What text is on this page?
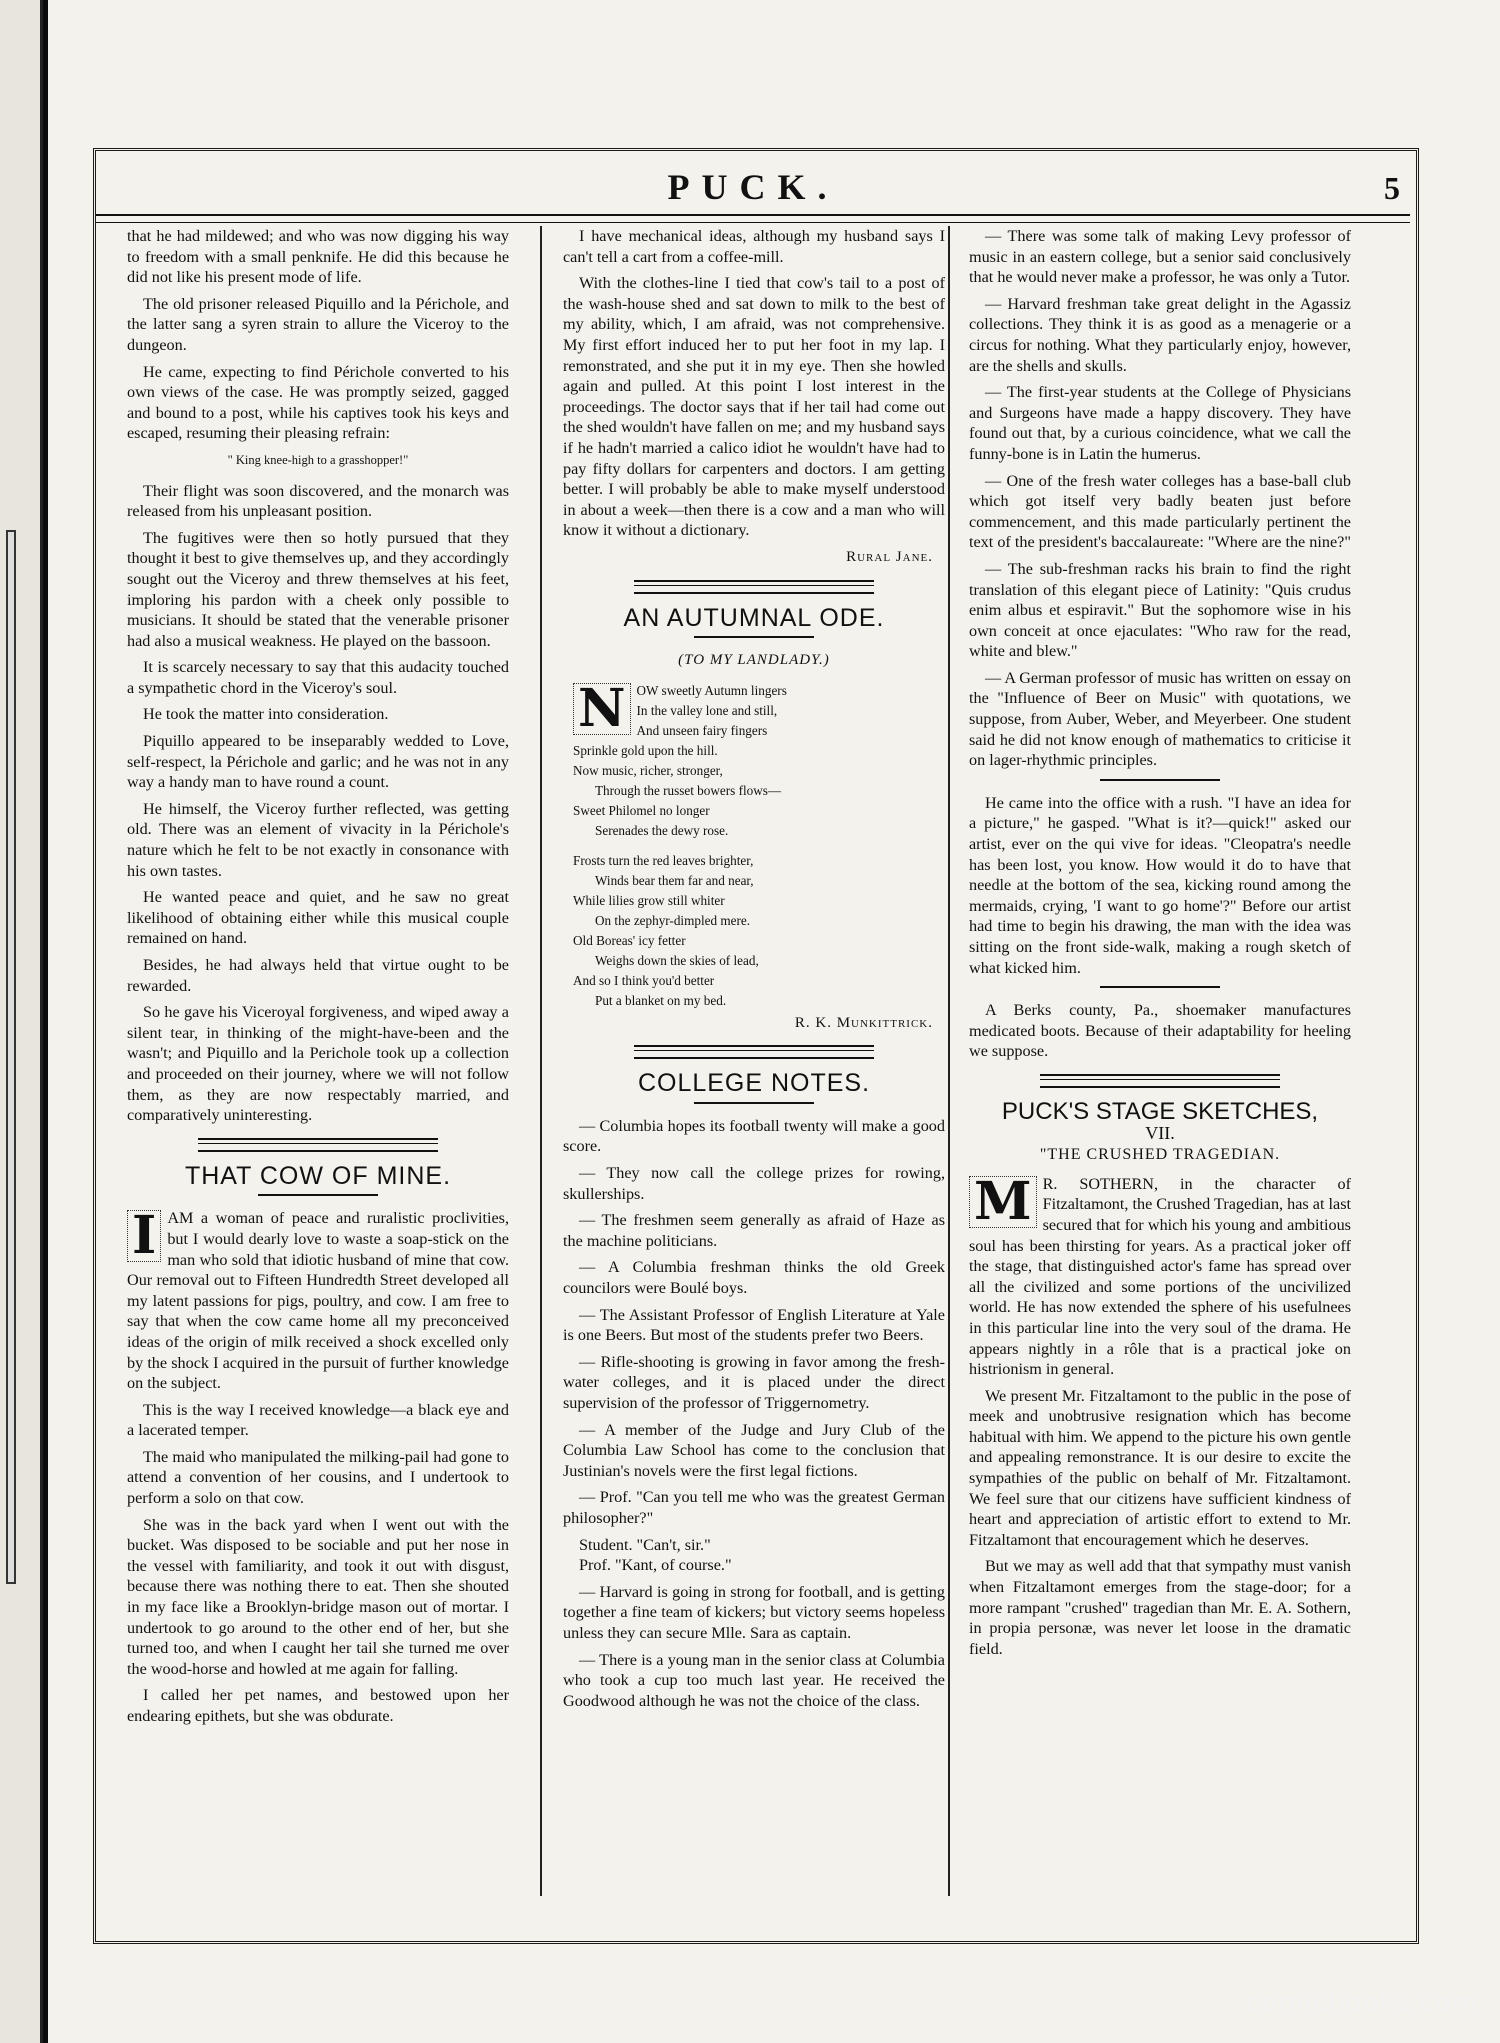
PUCK.	5

that he had mildewed; and who was now digging his way to freedom with a small penknife. He did this because he did not like his present mode of life.

The old prisoner released Piquillo and la Périchole, and the latter sang a syren strain to allure the Viceroy to the dungeon.

He came, expecting to find Périchole converted to his own views of the case. He was promptly seized, gagged and bound to a post, while his captives took his keys and escaped, resuming their pleasing refrain:

" King knee-high to a grasshopper!"

Their flight was soon discovered, and the monarch was released from his unpleasant position.

The fugitives were then so hotly pursued that they thought it best to give themselves up, and they accordingly sought out the Viceroy and threw themselves at his feet, imploring his pardon with a cheek only possible to musicians. It should be stated that the venerable prisoner had also a musical weakness. He played on the bassoon.

It is scarcely necessary to say that this audacity touched a sympathetic chord in the Viceroy's soul.

He took the matter into consideration.

Piquillo appeared to be inseparably wedded to Love, self-respect, la Périchole and garlic; and he was not in any way a handy man to have round a count.

He himself, the Viceroy further reflected, was getting old. There was an element of vivacity in la Périchole's nature which he felt to be not exactly in consonance with his own tastes.

He wanted peace and quiet, and he saw no great likelihood of obtaining either while this musical couple remained on hand.

Besides, he had always held that virtue ought to be rewarded.

So he gave his Viceroyal forgiveness, and wiped away a silent tear, in thinking of the might-have-been and the wasn't; and Piquillo and la Perichole took up a collection and proceeded on their journey, where we will not follow them, as they are now respectably married, and comparatively uninteresting.

THAT COW OF MINE.

I AM a woman of peace and ruralistic proclivities, but I would dearly love to waste a soap-stick on the man who sold that idiotic husband of mine that cow. Our removal out to Fifteen Hundredth Street developed all my latent passions for pigs, poultry, and cow. I am free to say that when the cow came home all my preconceived ideas of the origin of milk received a shock excelled only by the shock I acquired in the pursuit of further knowledge on the subject.

This is the way I received knowledge—a black eye and a lacerated temper.

The maid who manipulated the milking-pail had gone to attend a convention of her cousins, and I undertook to perform a solo on that cow.

She was in the back yard when I went out with the bucket. Was disposed to be sociable and put her nose in the vessel with familiarity, and took it out with disgust, because there was nothing there to eat. Then she shouted in my face like a Brooklyn-bridge mason out of mortar. I undertook to go around to the other end of her, but she turned too, and when I caught her tail she turned me over the wood-horse and howled at me again for falling.

I called her pet names, and bestowed upon her endearing epithets, but she was obdurate.

I have mechanical ideas, although my husband says I can't tell a cart from a coffee-mill.

With the clothes-line I tied that cow's tail to a post of the wash-house shed and sat down to milk to the best of my ability, which, I am afraid, was not comprehensive. My first effort induced her to put her foot in my lap. I remonstrated, and she put it in my eye. Then she howled again and pulled. At this point I lost interest in the proceedings. The doctor says that if her tail had come out the shed wouldn't have fallen on me; and my husband says if he hadn't married a calico idiot he wouldn't have had to pay fifty dollars for carpenters and doctors. I am getting better. I will probably be able to make myself understood in about a week—then there is a cow and a man who will know it without a dictionary.

Rural Jane.
AN AUTUMNAL ODE.
(TO MY LANDLADY.)
N OW sweetly Autumn lingers
In the valley lone and still,
And unseen fairy fingers
Sprinkle gold upon the hill.
Now music, richer, stronger,
Through the russet bowers flows—
Sweet Philomel no longer
Serenades the dewy rose.
Frosts turn the red leaves brighter,
Winds bear them far and near,
While lilies grow still whiter
On the zephyr-dimpled mere.
Old Boreas' icy fetter
Weighs down the skies of lead,
And so I think you'd better
Put a blanket on my bed.
R. K. Munkittrick.
COLLEGE NOTES.

— Columbia hopes its football twenty will make a good score.

— They now call the college prizes for rowing, skullerships.

— The freshmen seem generally as afraid of Haze as the machine politicians.

— A Columbia freshman thinks the old Greek councilors were Boulé boys.

— The Assistant Professor of English Literature at Yale is one Beers. But most of the students prefer two Beers.

— Rifle-shooting is growing in favor among the fresh-water colleges, and it is placed under the direct supervision of the professor of Triggernometry.

— A member of the Judge and Jury Club of the Columbia Law School has come to the conclusion that Justinian's novels were the first legal fictions.

— Prof. "Can you tell me who was the greatest German philosopher?"

Student. "Can't, sir."

Prof. "Kant, of course."

— Harvard is going in strong for football, and is getting together a fine team of kickers; but victory seems hopeless unless they can secure Mlle. Sara as captain.

— There is a young man in the senior class at Columbia who took a cup too much last year. He received the Goodwood although he was not the choice of the class.

— There was some talk of making Levy professor of music in an eastern college, but a senior said conclusively that he would never make a professor, he was only a Tutor.

— Harvard freshman take great delight in the Agassiz collections. They think it is as good as a menagerie or a circus for nothing. What they particularly enjoy, however, are the shells and skulls.

— The first-year students at the College of Physicians and Surgeons have made a happy discovery. They have found out that, by a curious coincidence, what we call the funny-bone is in Latin the humerus.

— One of the fresh water colleges has a base-ball club which got itself very badly beaten just before commencement, and this made particularly pertinent the text of the president's baccalaureate: "Where are the nine?"

— The sub-freshman racks his brain to find the right translation of this elegant piece of Latinity: "Quis crudus enim albus et espiravit." But the sophomore wise in his own conceit at once ejaculates: "Who raw for the read, white and blew."

— A German professor of music has written on essay on the "Influence of Beer on Music" with quotations, we suppose, from Auber, Weber, and Meyerbeer. One student said he did not know enough of mathematics to criticise it on lager-rhythmic principles.

He came into the office with a rush. "I have an idea for a picture," he gasped. "What is it?—quick!" asked our artist, ever on the qui vive for ideas. "Cleopatra's needle has been lost, you know. How would it do to have that needle at the bottom of the sea, kicking round among the mermaids, crying, 'I want to go home'?" Before our artist had time to begin his drawing, the man with the idea was sitting on the front side-walk, making a rough sketch of what kicked him.

A Berks county, Pa., shoemaker manufactures medicated boots. Because of their adaptability for heeling we suppose.

PUCK'S STAGE SKETCHES,
VII.
"THE CRUSHED TRAGEDIAN.

M R. SOTHERN, in the character of Fitzaltamont, the Crushed Tragedian, has at last secured that for which his young and ambitious soul has been thirsting for years. As a practical joker off the stage, that distinguished actor's fame has spread over all the civilized and some portions of the uncivilized world. He has now extended the sphere of his usefulnees in this particular line into the very soul of the drama. He appears nightly in a rôle that is a practical joke on histrionism in general.

We present Mr. Fitzaltamont to the public in the pose of meek and unobtrusive resignation which has become habitual with him. We append to the picture his own gentle and appealing remonstrance. It is our desire to excite the sympathies of the public on behalf of Mr. Fitzaltamont. We feel sure that our citizens have sufficient kindness of heart and appreciation of artistic effort to extend to Mr. Fitzaltamont that encouragement which he deserves.

But we may as well add that that sympathy must vanish when Fitzaltamont emerges from the stage-door; for a more rampant "crushed" tragedian than Mr. E. A. Sothern, in propia personæ, was never let loose in the dramatic field.

comicbooks.com
